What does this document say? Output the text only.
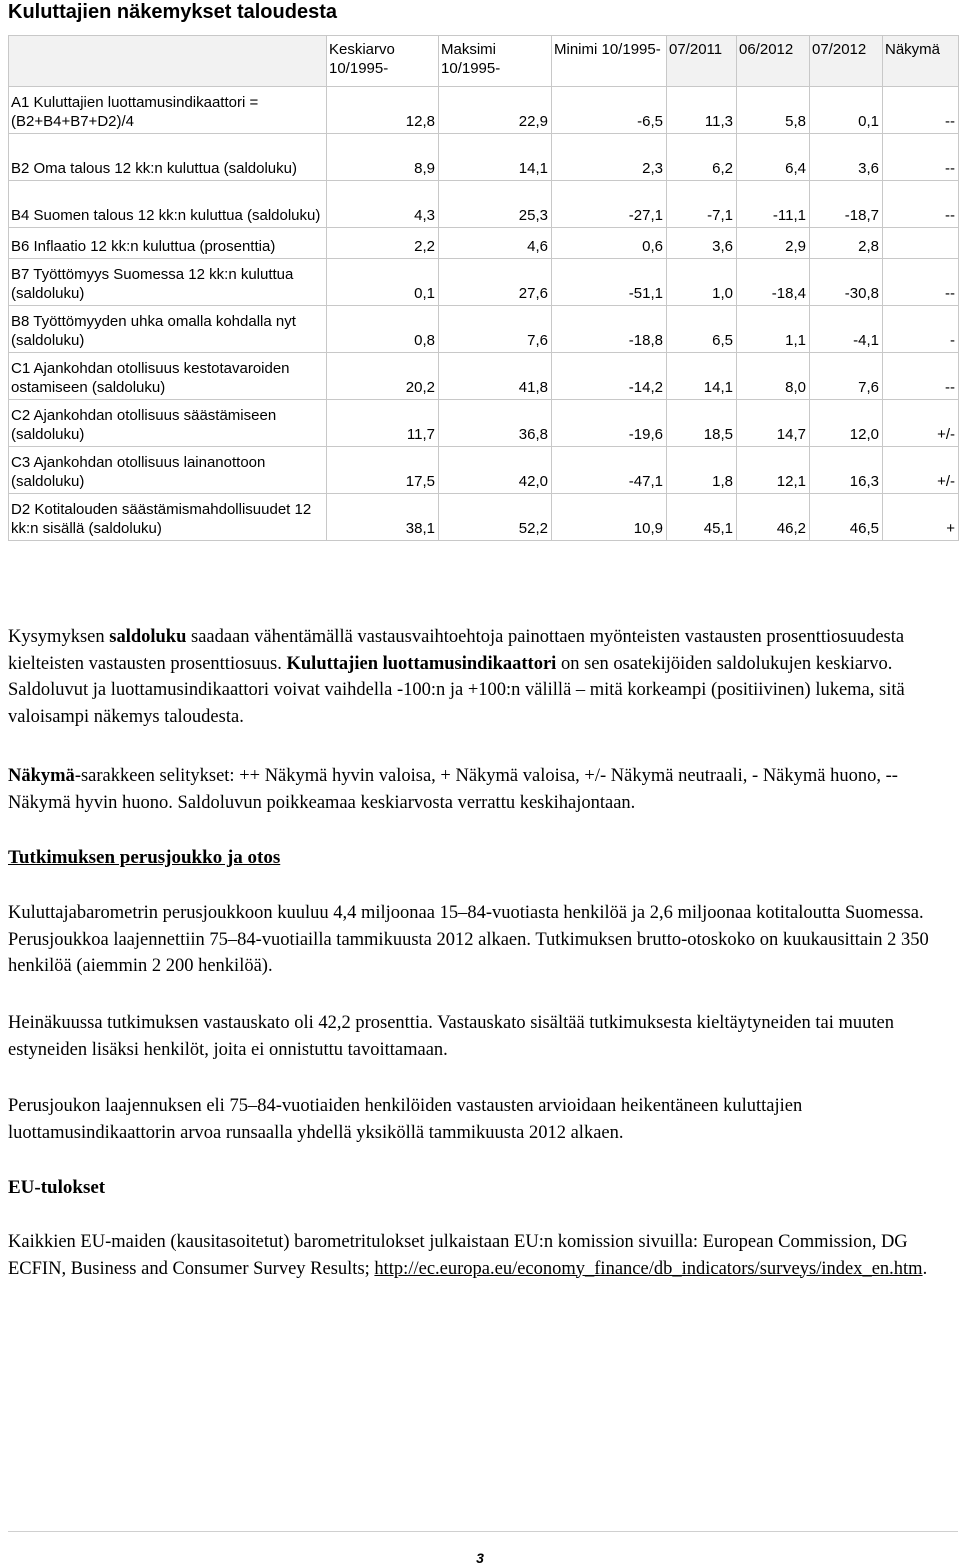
Kuluttajien näkemykset taloudesta
	Keskiarvo 10/1995-	Maksimi 10/1995-	Minimi 10/1995-	07/2011	06/2012	07/2012	Näkymä
A1 Kuluttajien luottamusindikaattori = (B2+B4+B7+D2)/4	12,8	22,9	-6,5	11,3	5,8	0,1	--
B2 Oma talous 12 kk:n kuluttua (saldoluku)	8,9	14,1	2,3	6,2	6,4	3,6	--
B4 Suomen talous 12 kk:n kuluttua (saldoluku)	4,3	25,3	-27,1	-7,1	-11,1	-18,7	--
B6 Inflaatio 12 kk:n kuluttua (prosenttia)	2,2	4,6	0,6	3,6	2,9	2,8	
B7 Työttömyys Suomessa 12 kk:n kuluttua (saldoluku)	0,1	27,6	-51,1	1,0	-18,4	-30,8	--
B8 Työttömyyden uhka omalla kohdalla nyt (saldoluku)	0,8	7,6	-18,8	6,5	1,1	-4,1	-
C1 Ajankohdan otollisuus kestotavaroiden ostamiseen (saldoluku)	20,2	41,8	-14,2	14,1	8,0	7,6	--
C2 Ajankohdan otollisuus säästämiseen (saldoluku)	11,7	36,8	-19,6	18,5	14,7	12,0	+/-
C3 Ajankohdan otollisuus lainanottoon (saldoluku)	17,5	42,0	-47,1	1,8	12,1	16,3	+/-
D2 Kotitalouden säästämismahdollisuudet 12 kk:n sisällä (saldoluku)	38,1	52,2	10,9	45,1	46,2	46,5	+
Kysymyksen saldoluku saadaan vähentämällä vastausvaihtoehtoja painottaen myönteisten vastausten prosenttiosuudesta kielteisten vastausten prosenttiosuus. Kuluttajien luottamusindikaattori on sen osatekijöiden saldolukujen keskiarvo. Saldoluvut ja luottamusindikaattori voivat vaihdella -100:n ja +100:n välillä – mitä korkeampi (positiivinen) lukema, sitä valoisampi näkemys taloudesta.
Näkymä-sarakkeen selitykset: ++ Näkymä hyvin valoisa, + Näkymä valoisa, +/- Näkymä neutraali, - Näkymä huono, -- Näkymä hyvin huono. Saldoluvun poikkeamaa keskiarvosta verrattu keskihajontaan.
Tutkimuksen perusjoukko ja otos
Kuluttajabarometrin perusjoukkoon kuuluu 4,4 miljoonaa 15–84-vuotiasta henkilöä ja 2,6 miljoonaa kotitaloutta Suomessa. Perusjoukkoa laajennettiin 75–84-vuotiailla tammikuusta 2012 alkaen. Tutkimuksen brutto-otoskoko on kuukausittain 2 350 henkilöä (aiemmin 2 200 henkilöä).
Heinäkuussa tutkimuksen vastauskato oli 42,2 prosenttia. Vastauskato sisältää tutkimuksesta kieltäytyneiden tai muuten estyneiden lisäksi henkilöt, joita ei onnistuttu tavoittamaan.
Perusjoukon laajennuksen eli 75–84-vuotiaiden henkilöiden vastausten arvioidaan heikentäneen kuluttajien luottamusindikaattorin arvoa runsaalla yhdellä yksiköllä tammikuusta 2012 alkaen.
EU-tulokset
Kaikkien EU-maiden (kausitasoitetut) barometritulokset julkaistaan EU:n komission sivuilla: European Commission, DG ECFIN, Business and Consumer Survey Results; http://ec.europa.eu/economy_finance/db_indicators/surveys/index_en.htm.
3
